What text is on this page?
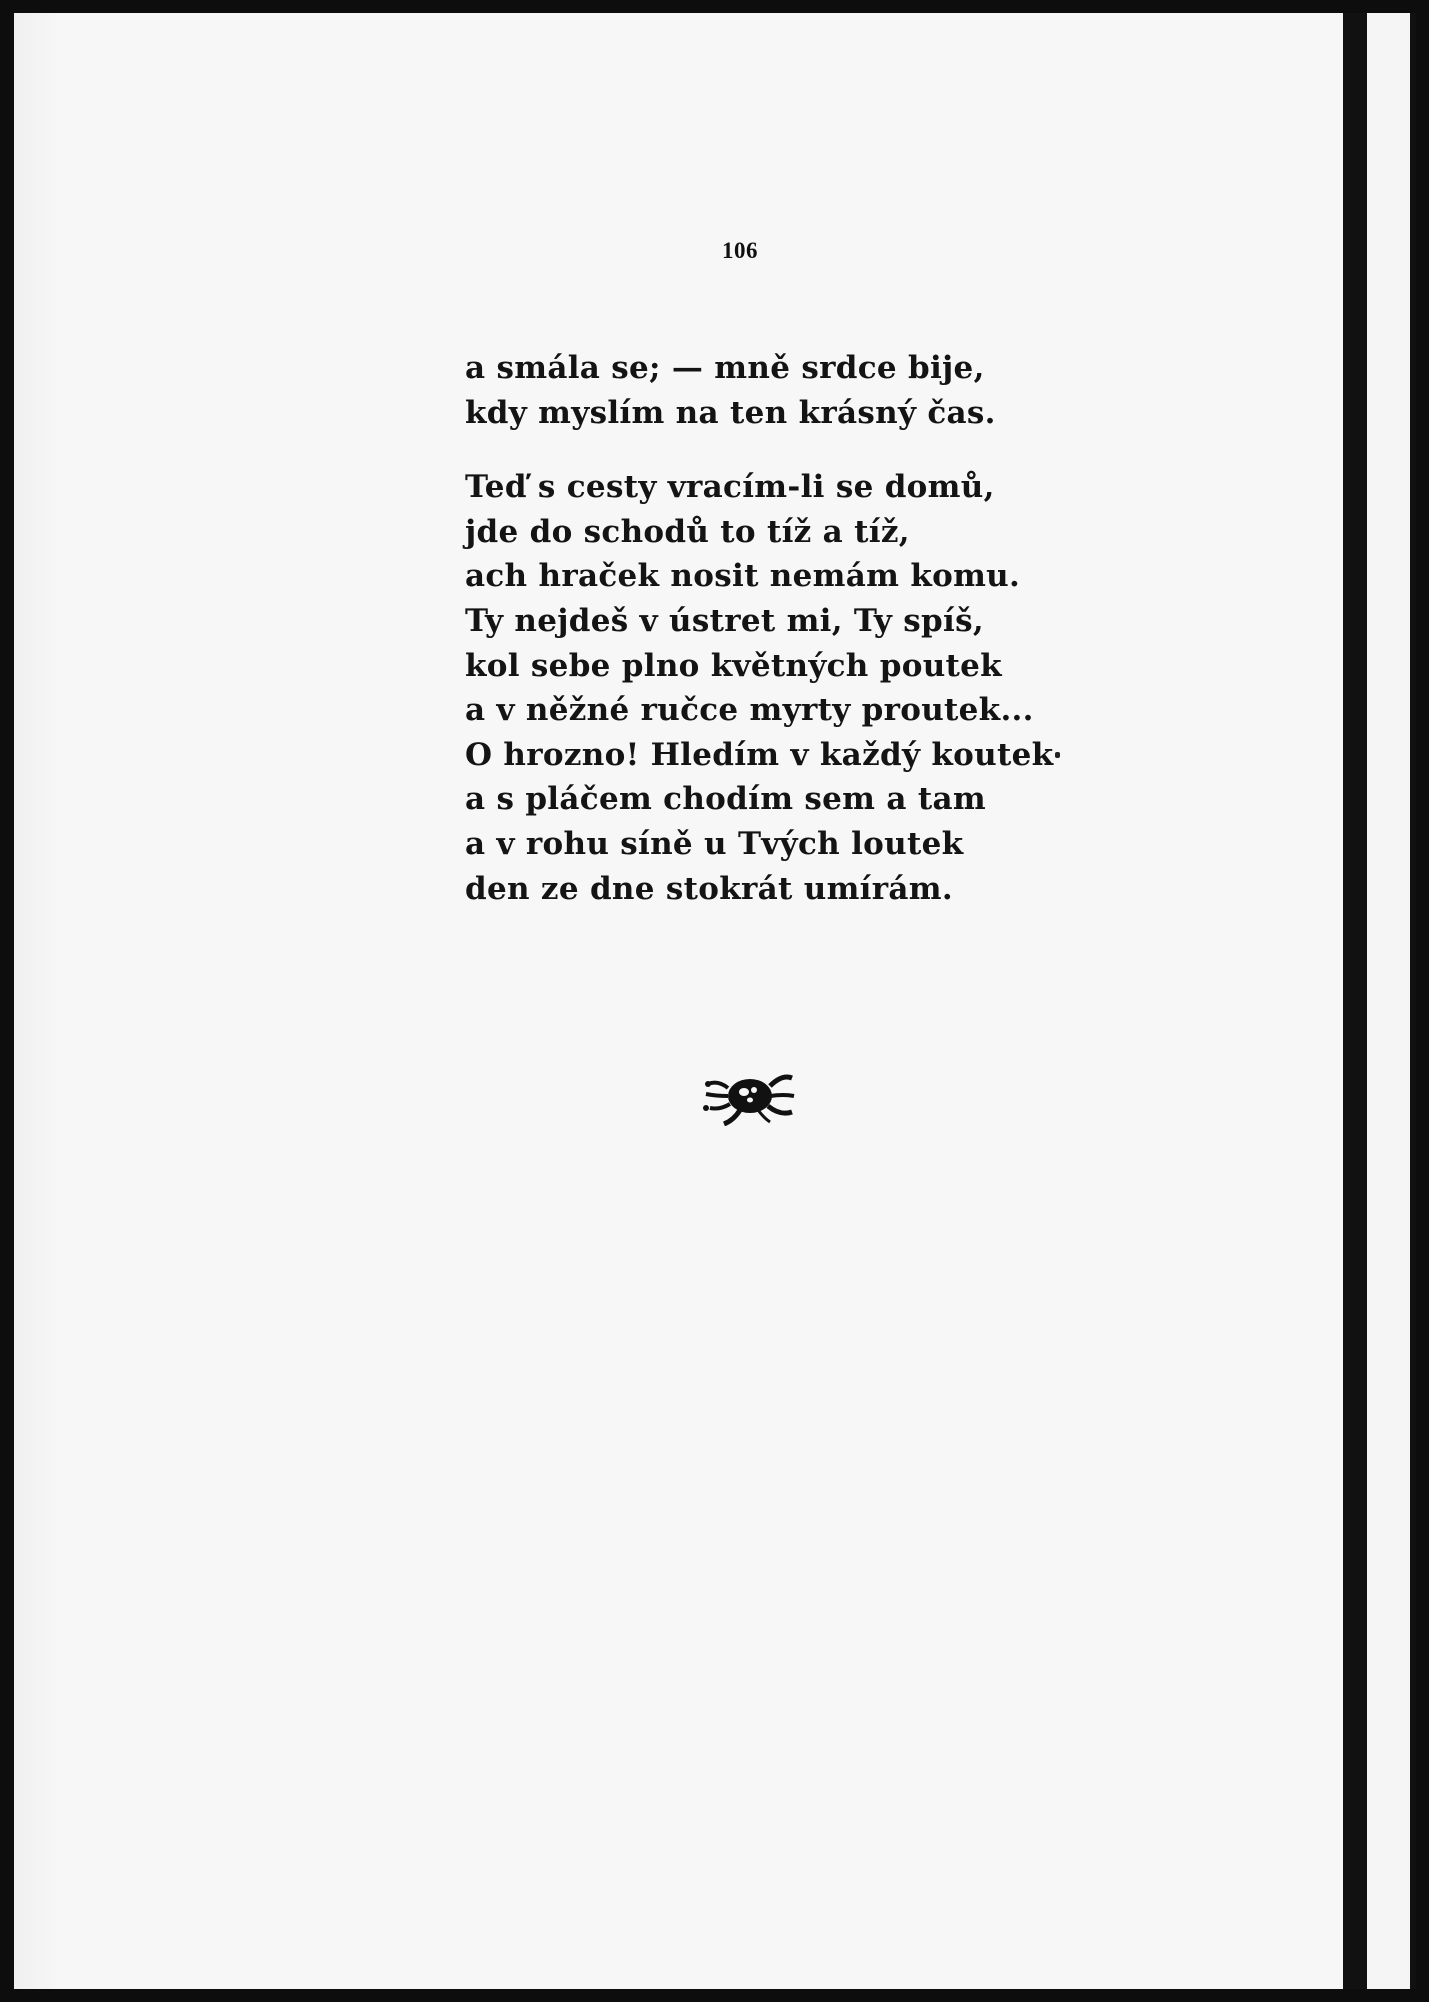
106

a smála se; — mně srdce bije,
kdy myslím na ten krásný čas.

Teď s cesty vracím-li se domů,
jde do schodů to tíž a tíž,
ach hraček nosit nemám komu.
Ty nejdeš v ústret mi, Ty spíš,
kol sebe plno květných poutek
a v něžné ručce myrty proutek...
O hrozno! Hledím v každý koutek
a s pláčem chodím sem a tam
a v rohu síně u Tvých loutek
den ze dne stokrát umírám.
